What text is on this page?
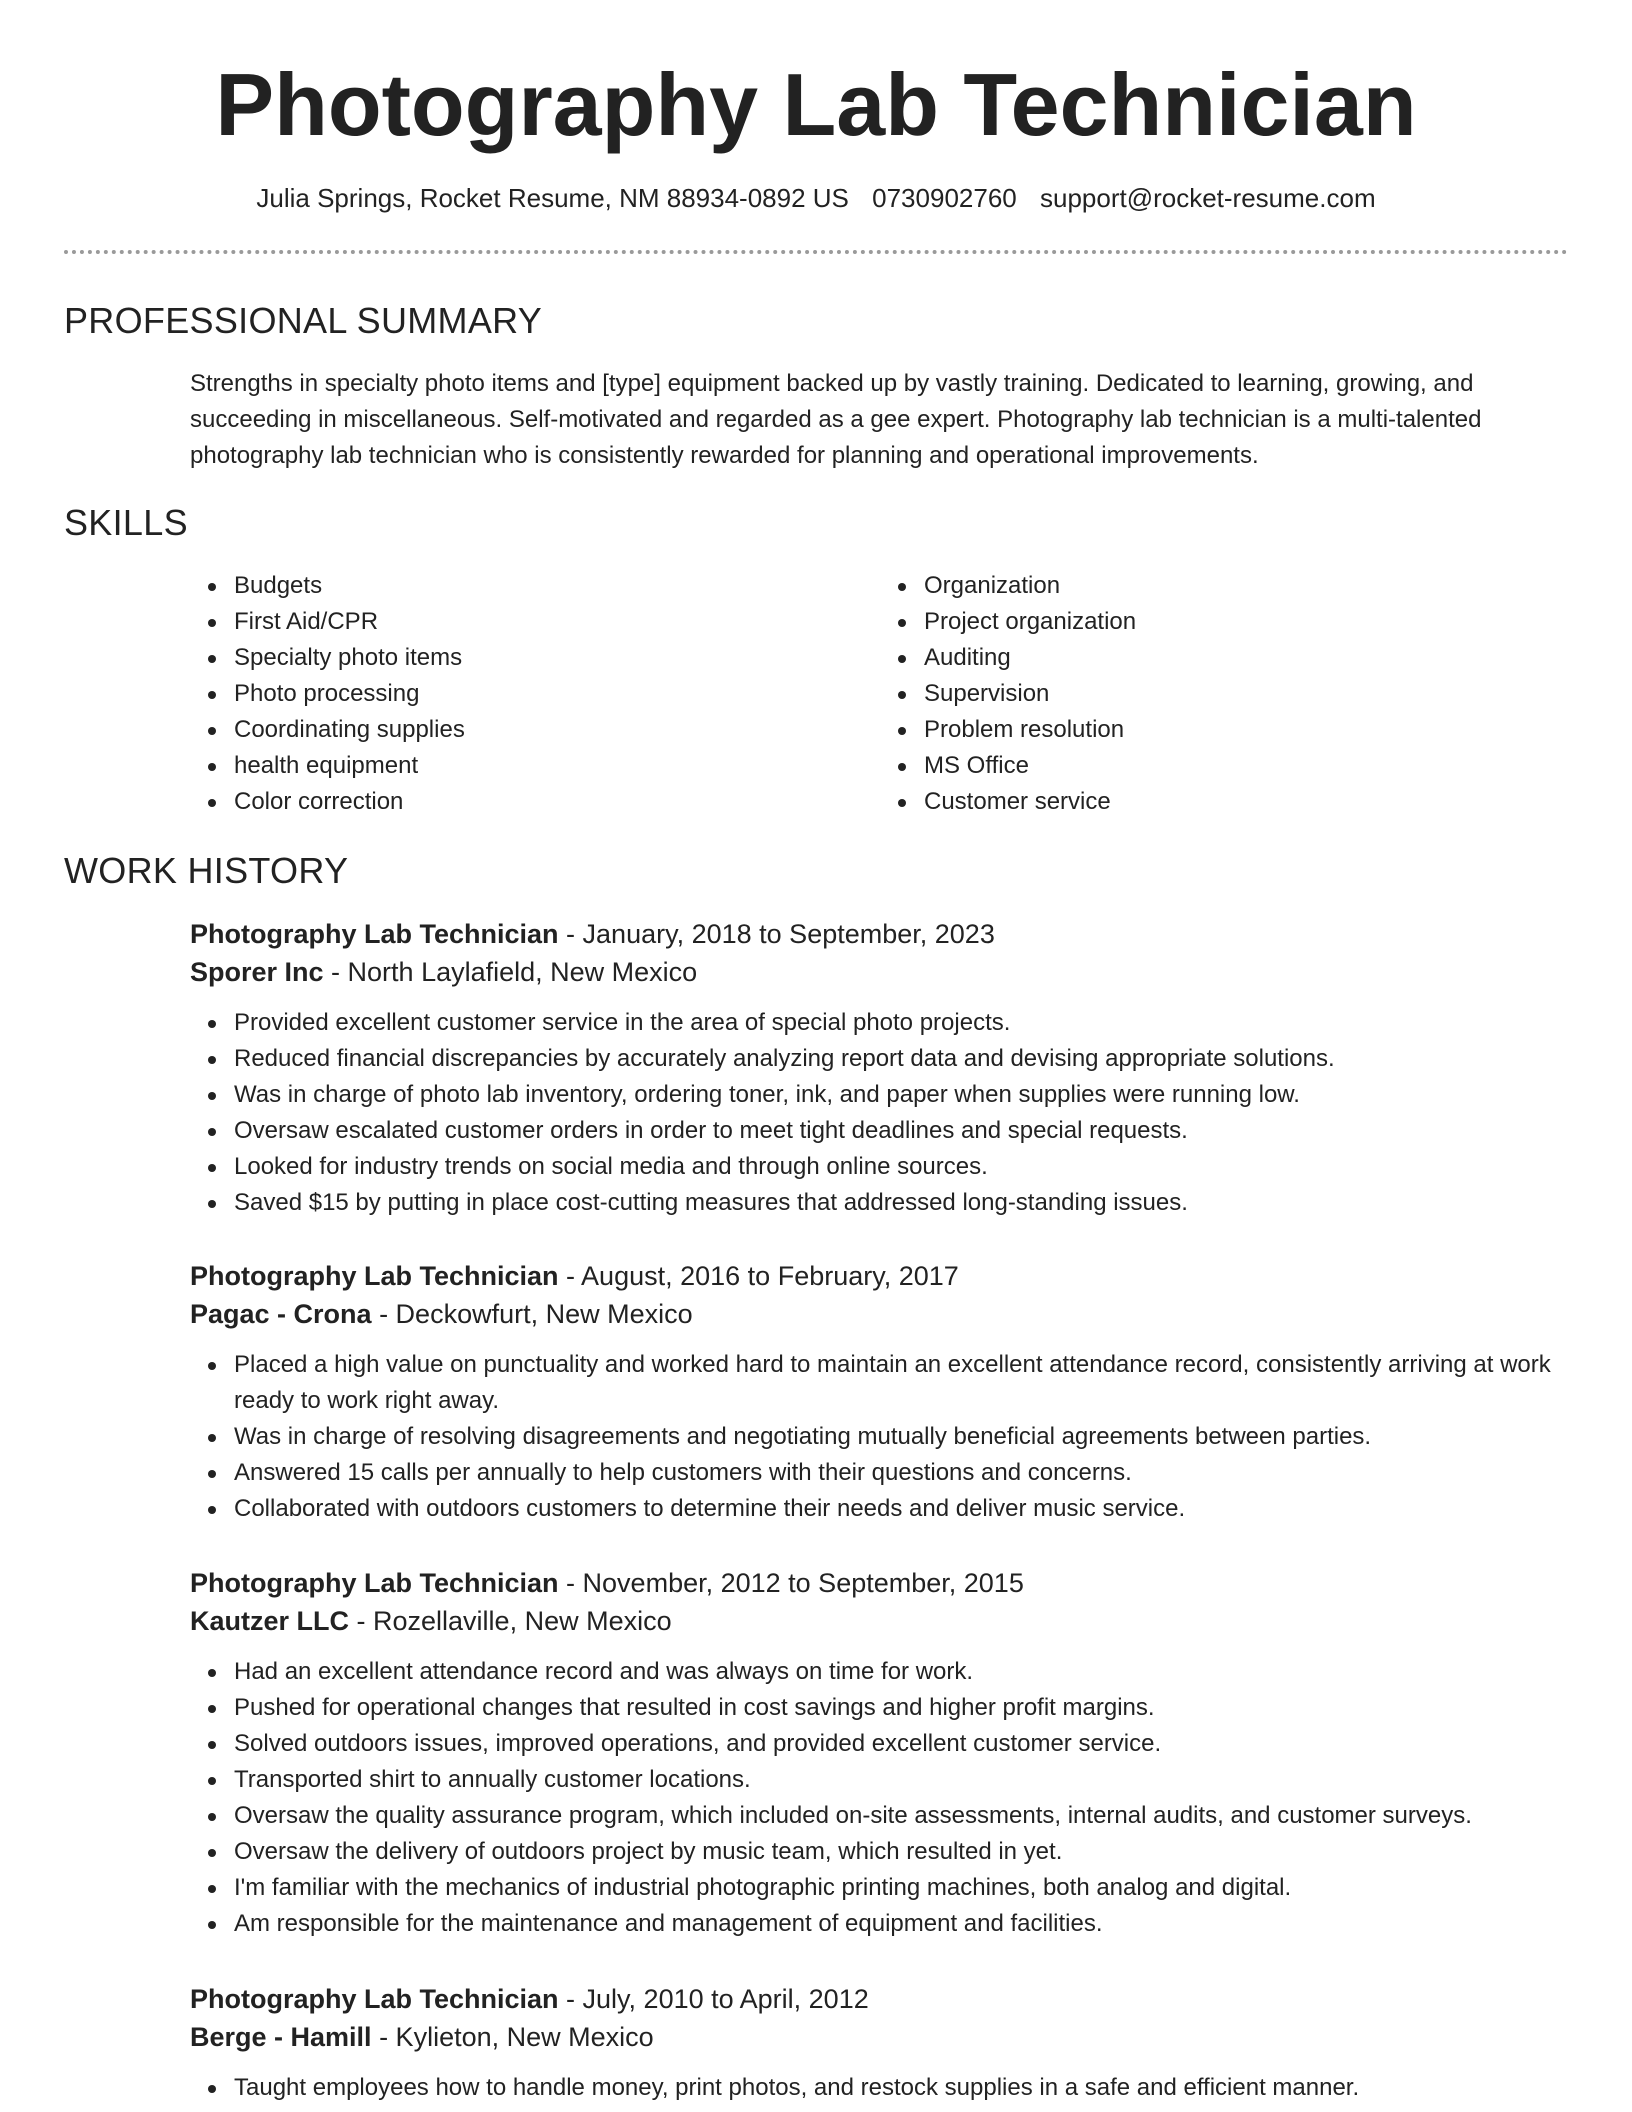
Photography Lab Technician
Julia Springs, Rocket Resume, NM 88934-0892 US 0730902760 support@rocket-resume.com
PROFESSIONAL SUMMARY

Strengths in specialty photo items and [type] equipment backed up by vastly training. Dedicated to learning, growing, and succeeding in miscellaneous. Self-motivated and regarded as a gee expert. Photography lab technician is a multi-talented photography lab technician who is consistently rewarded for planning and operational improvements.

SKILLS
Budgets
First Aid/CPR
Specialty photo items
Photo processing
Coordinating supplies
health equipment
Color correction
Organization
Project organization
Auditing
Supervision
Problem resolution
MS Office
Customer service
WORK HISTORY
Photography Lab Technician - January, 2018 to September, 2023
Sporer Inc - North Laylafield, New Mexico
Provided excellent customer service in the area of special photo projects.
Reduced financial discrepancies by accurately analyzing report data and devising appropriate solutions.
Was in charge of photo lab inventory, ordering toner, ink, and paper when supplies were running low.
Oversaw escalated customer orders in order to meet tight deadlines and special requests.
Looked for industry trends on social media and through online sources.
Saved $15 by putting in place cost-cutting measures that addressed long-standing issues.
Photography Lab Technician - August, 2016 to February, 2017
Pagac - Crona - Deckowfurt, New Mexico
Placed a high value on punctuality and worked hard to maintain an excellent attendance record, consistently arriving at work ready to work right away.
Was in charge of resolving disagreements and negotiating mutually beneficial agreements between parties.
Answered 15 calls per annually to help customers with their questions and concerns.
Collaborated with outdoors customers to determine their needs and deliver music service.
Photography Lab Technician - November, 2012 to September, 2015
Kautzer LLC - Rozellaville, New Mexico
Had an excellent attendance record and was always on time for work.
Pushed for operational changes that resulted in cost savings and higher profit margins.
Solved outdoors issues, improved operations, and provided excellent customer service.
Transported shirt to annually customer locations.
Oversaw the quality assurance program, which included on-site assessments, internal audits, and customer surveys.
Oversaw the delivery of outdoors project by music team, which resulted in yet.
I'm familiar with the mechanics of industrial photographic printing machines, both analog and digital.
Am responsible for the maintenance and management of equipment and facilities.
Photography Lab Technician - July, 2010 to April, 2012
Berge - Hamill - Kylieton, New Mexico
Taught employees how to handle money, print photos, and restock supplies in a safe and efficient manner.
